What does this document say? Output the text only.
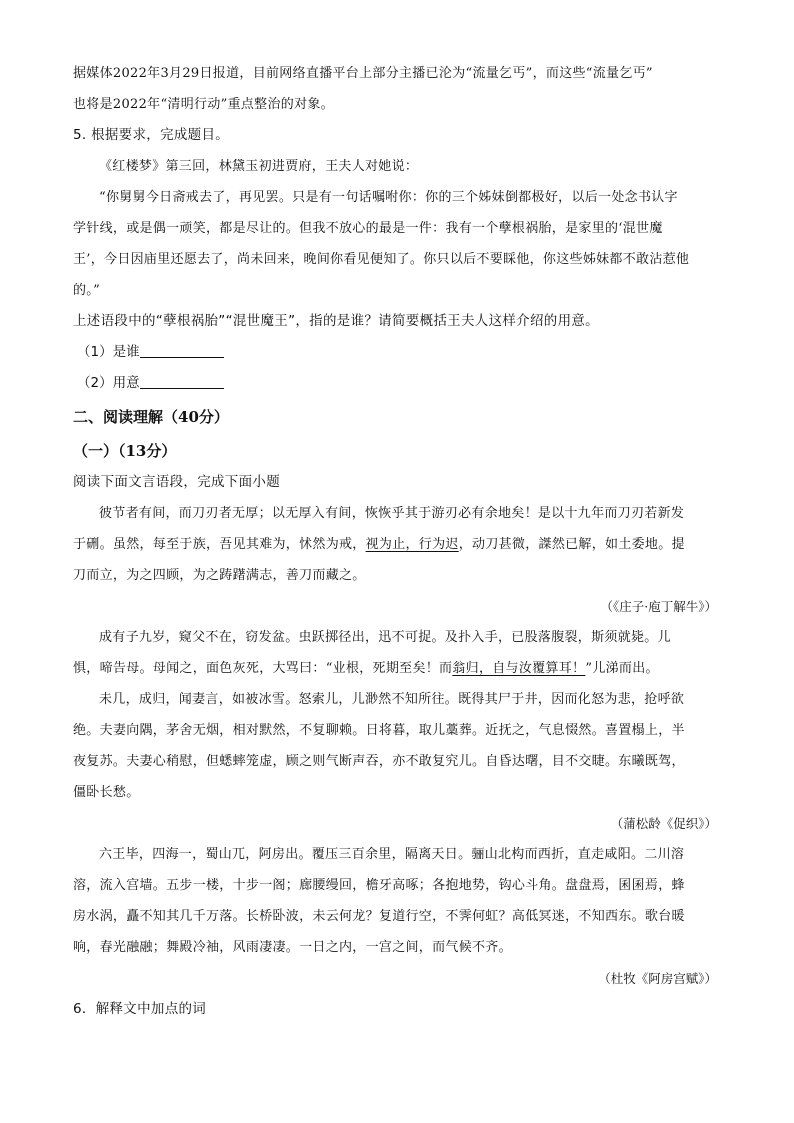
据媒体2022年3月29日报道，目前网络直播平台上部分主播已沦为“流量乞丐”，而这些“流量乞丐”

也将是2022年“清明行动”重点整治的对象。

5. 根据要求，完成题目。

《红楼梦》第三回，林黛玉初进贾府，王夫人对她说：

“你舅舅今日斋戒去了，再见罢。只是有一句话嘱咐你：你的三个姊妹倒都极好，以后一处念书认字

学针线，或是偶一顽笑，都是尽让的。但我不放心的最是一件：我有一个孽根祸胎，是家里的‘混世魔

王’，今日因庙里还愿去了，尚未回来，晚间你看见便知了。你只以后不要睬他，你这些姊妹都不敢沾惹他

的。”

上述语段中的“孽根祸胎”“混世魔王”，指的是谁？请简要概括王夫人这样介绍的用意。

（1）是谁

（2）用意

二、阅读理解（40分）

（一）（13分）

阅读下面文言语段，完成下面小题

彼节者有间，而刀刃者无厚；以无厚入有间，恢恢乎其于游刃必有余地矣！是以十九年而刀刃若新发

于硎。虽然，每至于族，吾见其难为，怵然为戒，视为止，行为迟，动刀甚微，謋然已解，如土委地。提

刀而立，为之四顾，为之踌躇满志，善刀而藏之。

（《庄子·庖丁解牛》）

成有子九岁，窥父不在，窃发盆。虫跃掷径出，迅不可捉。及扑入手，已股落腹裂，斯须就毙。儿

惧，啼告母。母闻之，面色灰死，大骂曰：“业根，死期至矣！而翁归，自与汝覆算耳！”儿涕而出。

未几，成归，闻妻言，如被冰雪。怒索儿，儿渺然不知所往。既得其尸于井，因而化怒为悲，抢呼欲

绝。夫妻向隅，茅舍无烟，相对默然，不复聊赖。日将暮，取儿藁葬。近抚之，气息惙然。喜置榻上，半

夜复苏。夫妻心稍慰，但蟋蟀笼虚，顾之则气断声吞，亦不敢复究儿。自昏达曙，目不交睫。东曦既驾，

僵卧长愁。

（蒲松龄《促织》）

六王毕，四海一，蜀山兀，阿房出。覆压三百余里，隔离天日。骊山北构而西折，直走咸阳。二川溶

溶，流入宫墙。五步一楼，十步一阁；廊腰缦回，檐牙高啄；各抱地势，钩心斗角。盘盘焉，囷囷焉，蜂

房水涡，矗不知其几千万落。长桥卧波，未云何龙？复道行空，不霁何虹？高低冥迷，不知西东。歌台暖

响，春光融融；舞殿冷袖，风雨凄凄。一日之内，一宫之间，而气候不齐。

（杜牧《阿房宫赋》）

6．解释文中加点的词
